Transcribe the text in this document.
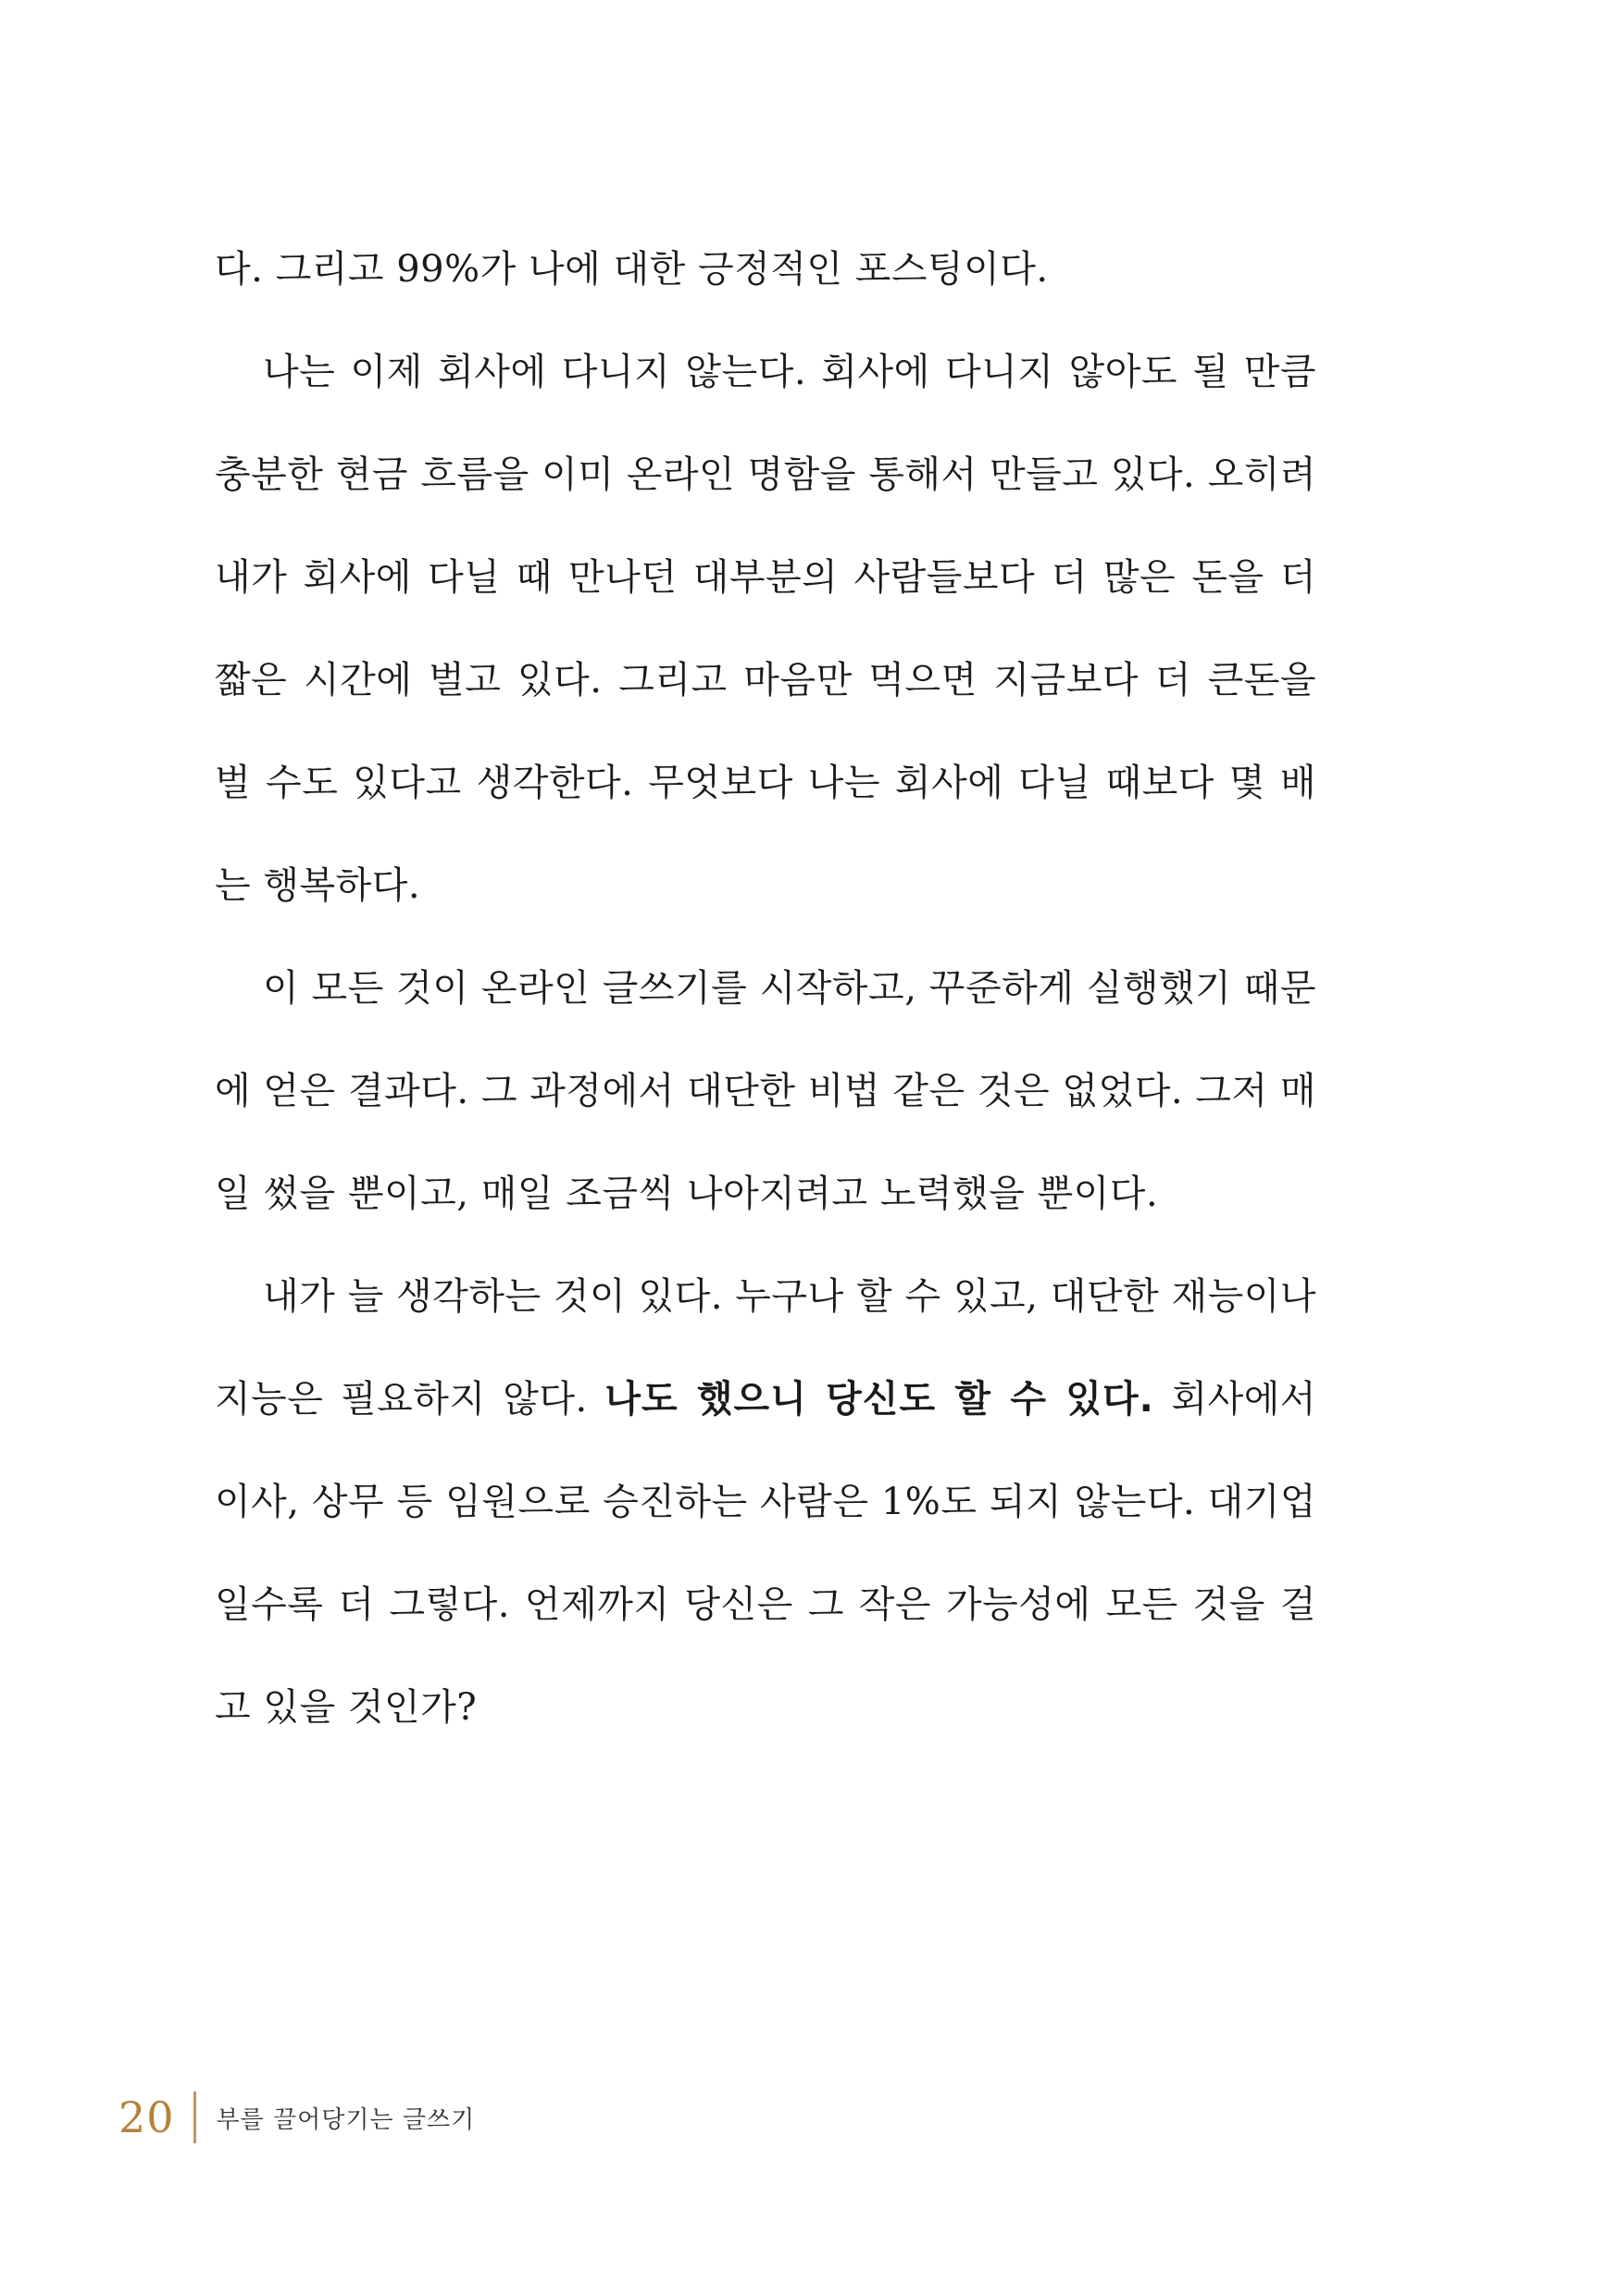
다. 그리고 99%가 나에 대한 긍정적인 포스팅이다.

나는 이제 회사에 다니지 않는다. 회사에 다니지 않아도 될 만큼 충분한 현금 흐름을 이미 온라인 명함을 통해서 만들고 있다. 오히려 내가 회사에 다닐 때 만나던 대부분의 사람들보다 더 많은 돈을 더 짧은 시간에 벌고 있다. 그리고 마음만 먹으면 지금보다 더 큰돈을 벌 수도 있다고 생각한다. 무엇보다 나는 회사에 다닐 때보다 몇 배는 행복하다.

이 모든 것이 온라인 글쓰기를 시작하고, 꾸준하게 실행했기 때문에 얻은 결과다. 그 과정에서 대단한 비법 같은 것은 없었다. 그저 매일 썼을 뿐이고, 매일 조금씩 나아지려고 노력했을 뿐이다.

내가 늘 생각하는 것이 있다. 누구나 할 수 있고, 대단한 재능이나 지능은 필요하지 않다. 나도 했으니 당신도 할 수 있다. 회사에서 이사, 상무 등 임원으로 승진하는 사람은 1%도 되지 않는다. 대기업일수록 더 그렇다. 언제까지 당신은 그 작은 가능성에 모든 것을 걸고 있을 것인가?

20 부를 끌어당기는 글쓰기
